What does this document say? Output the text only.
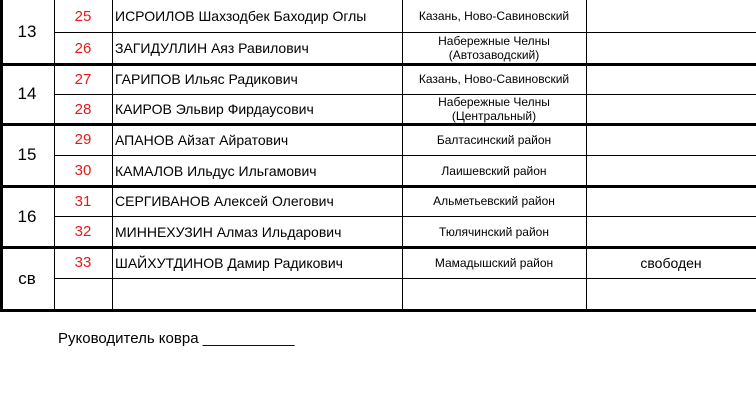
13
25	ИСРОИЛОВ Шахзодбек Баходир Оглы	Казань, Ново-Савиновский
26	ЗАГИДУЛЛИН Аяз Равилович	Набережные Челны (Автозаводский)
14
27	ГАРИПОВ Ильяс Радикович	Казань, Ново-Савиновский
28	КАИРОВ Эльвир Фирдаусович	Набережные Челны (Центральный)
15
29	АПАНОВ Айзат Айратович	Балтасинский район
30	КАМАЛОВ Ильдус Ильгамович	Лаишевский район
16
31	СЕРГИВАНОВ Алексей Олегович	Альметьевский район
32	МИННЕХУЗИН Алмаз Ильдарович	Тюлячинский район
св
33	ШАЙХУТДИНОВ Дамир Радикович	Мамадышский район	свободен
Руководитель ковра ___________
